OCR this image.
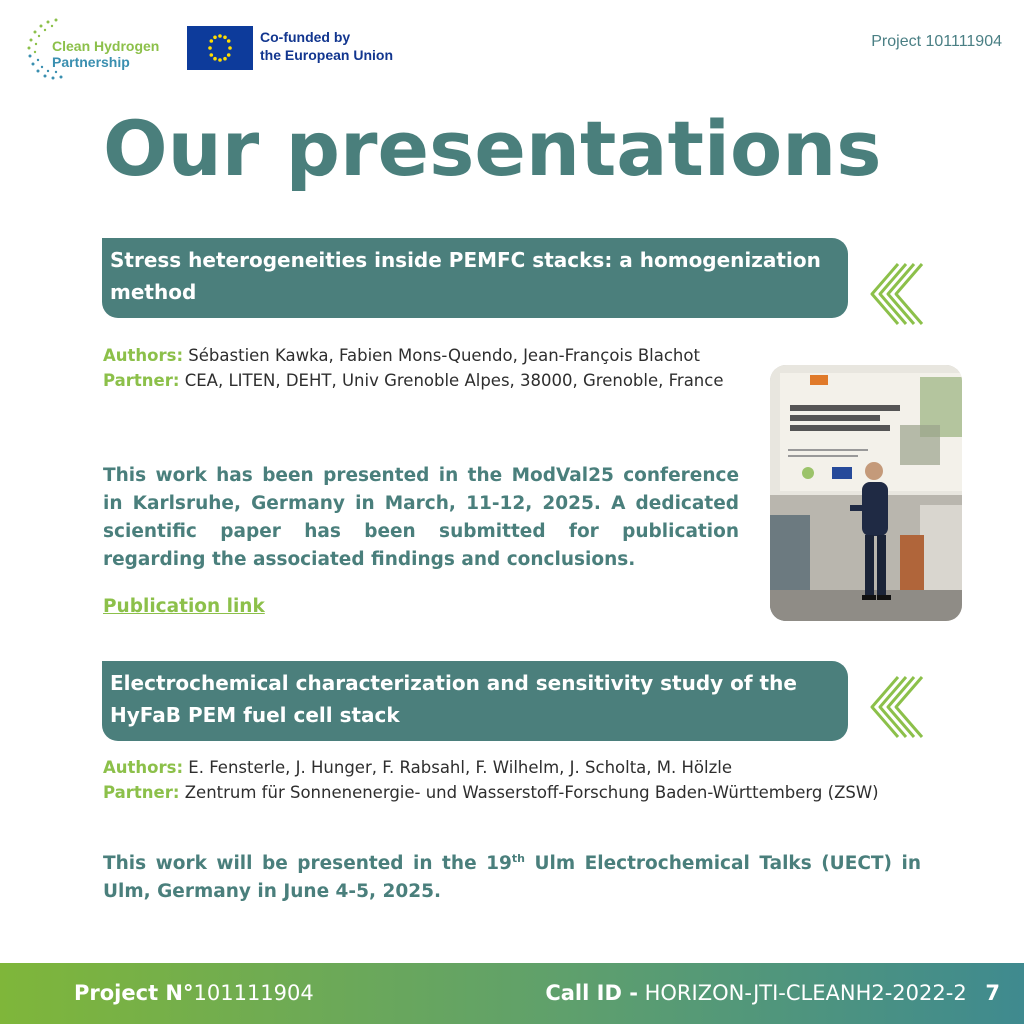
Clean Hydrogen
Partnership
Co-funded by
the European Union
Project 101111904
Our presentations
Stress heterogeneities inside PEMFC stacks: a homogenization method
Authors: Sébastien Kawka, Fabien Mons-Quendo, Jean-François Blachot
Partner: CEA, LITEN, DEHT, Univ Grenoble Alpes, 38000, Grenoble, France
This work has been presented in the ModVal25 conference in Karlsruhe, Germany in March, 11-12, 2025. A dedicated scientific paper has been submitted for publication regarding the associated findings and conclusions.
Publication link
Electrochemical characterization and sensitivity study of the HyFaB PEM fuel cell stack
Authors: E. Fensterle, J. Hunger, F. Rabsahl, F. Wilhelm, J. Scholta, M. Hölzle
Partner: Zentrum für Sonnenenergie- und Wasserstoff-Forschung Baden-Württemberg (ZSW)
This work will be presented in the 19th Ulm Electrochemical Talks (UECT) in Ulm, Germany in June 4-5, 2025.
Project N°101111904	Call ID - HORIZON-JTI-CLEANH2-2022-2 7
